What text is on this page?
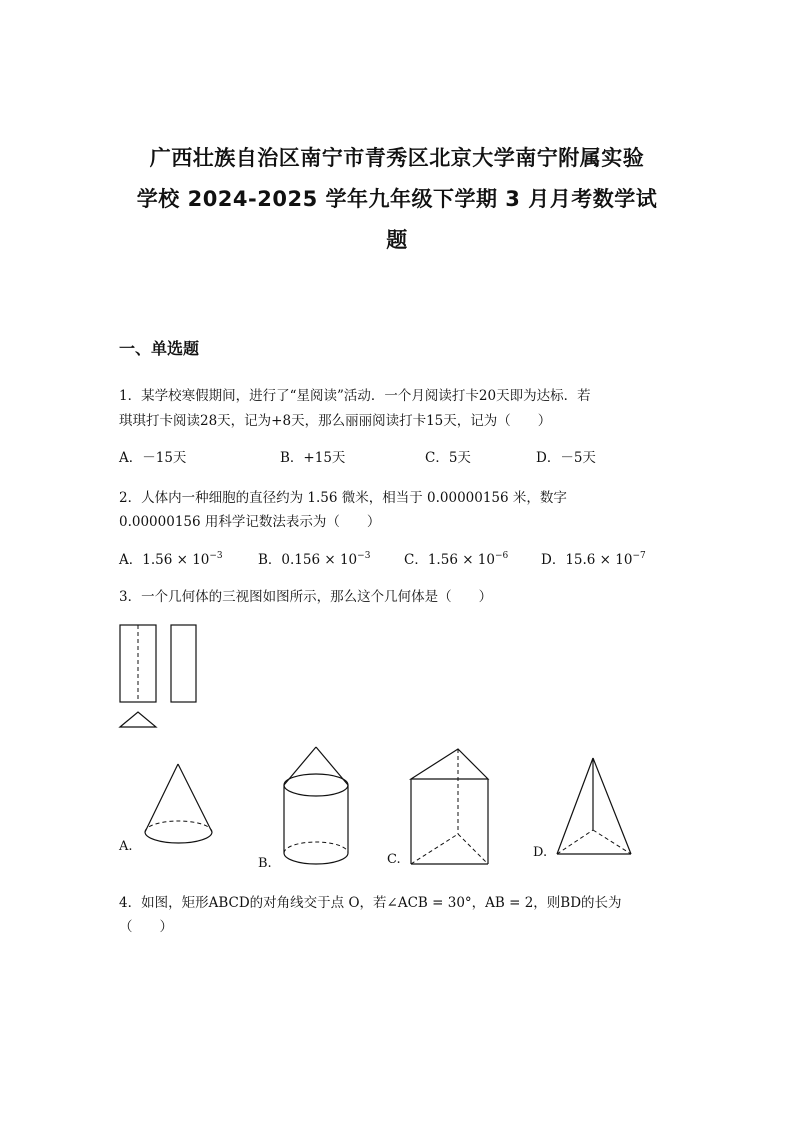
广西壮族自治区南宁市青秀区北京大学南宁附属实验
学校 2024-2025 学年九年级下学期 3 月月考数学试
题
一、单选题
1．某学校寒假期间，进行了“星阅读”活动．一个月阅读打卡20天即为达标．若
琪琪打卡阅读28天，记为+8天，那么丽丽阅读打卡15天，记为（　　）
A．－15天	B．+15天	C．5天	D．－5天
2．人体内一种细胞的直径约为 1.56 微米，相当于 0.00000156 米，数字
0.00000156 用科学记数法表示为（　　）
A．$1.56 \times 10^{-3}$	B．$0.156 \times 10^{-3}$ C．$1.56 \times 10^{-6}$ D．$15.6 \times 10^{-7}$
3．一个几何体的三视图如图所示，那么这个几何体是（　　）
A.
B.	C.	D.
4．如图，矩形ABCD的对角线交于点 O，若∠ACB = 30°，AB = 2，则BD的长为
（　　）
